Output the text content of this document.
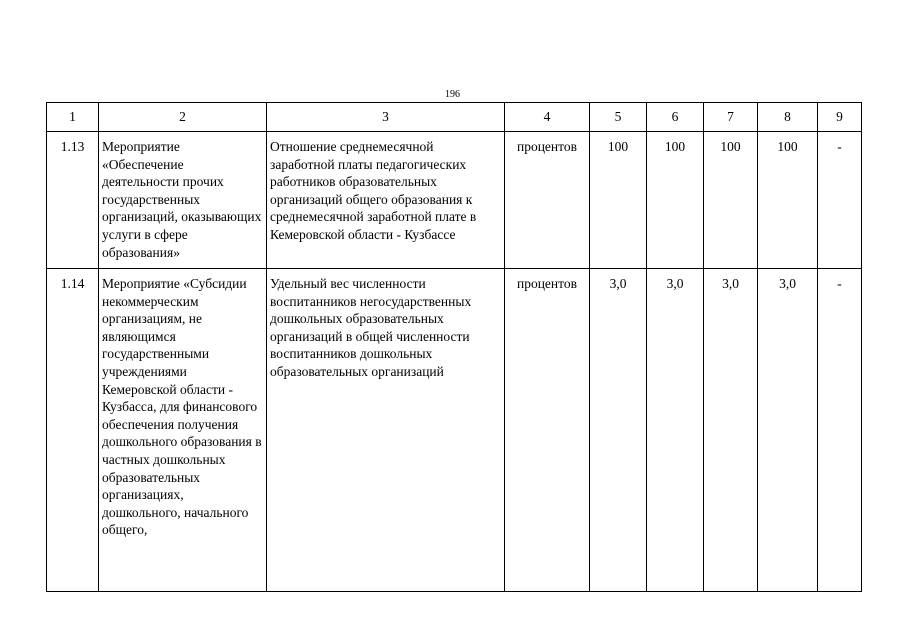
196
1	2	3	4	5	6	7	8	9
1.13	Мероприятие «Обеспечение деятельности прочих государственных организаций, оказывающих услуги в сфере образования»	Отношение среднемесячной заработной платы педагогических работников образовательных организаций общего образования к среднемесячной заработной плате в Кемеровской области - Кузбассе	процентов	100	100	100	100	-
1.14	Мероприятие «Субсидии некоммерческим организациям, не являющимся государственными учреждениями Кемеровской области - Кузбасса, для финансового обеспечения получения дошкольного образования в частных дошкольных образовательных организациях, дошкольного, начального общего,	Удельный вес численности воспитанников негосударственных дошкольных образовательных организаций в общей численности воспитанников дошкольных образовательных организаций	процентов	3,0	3,0	3,0	3,0	-
